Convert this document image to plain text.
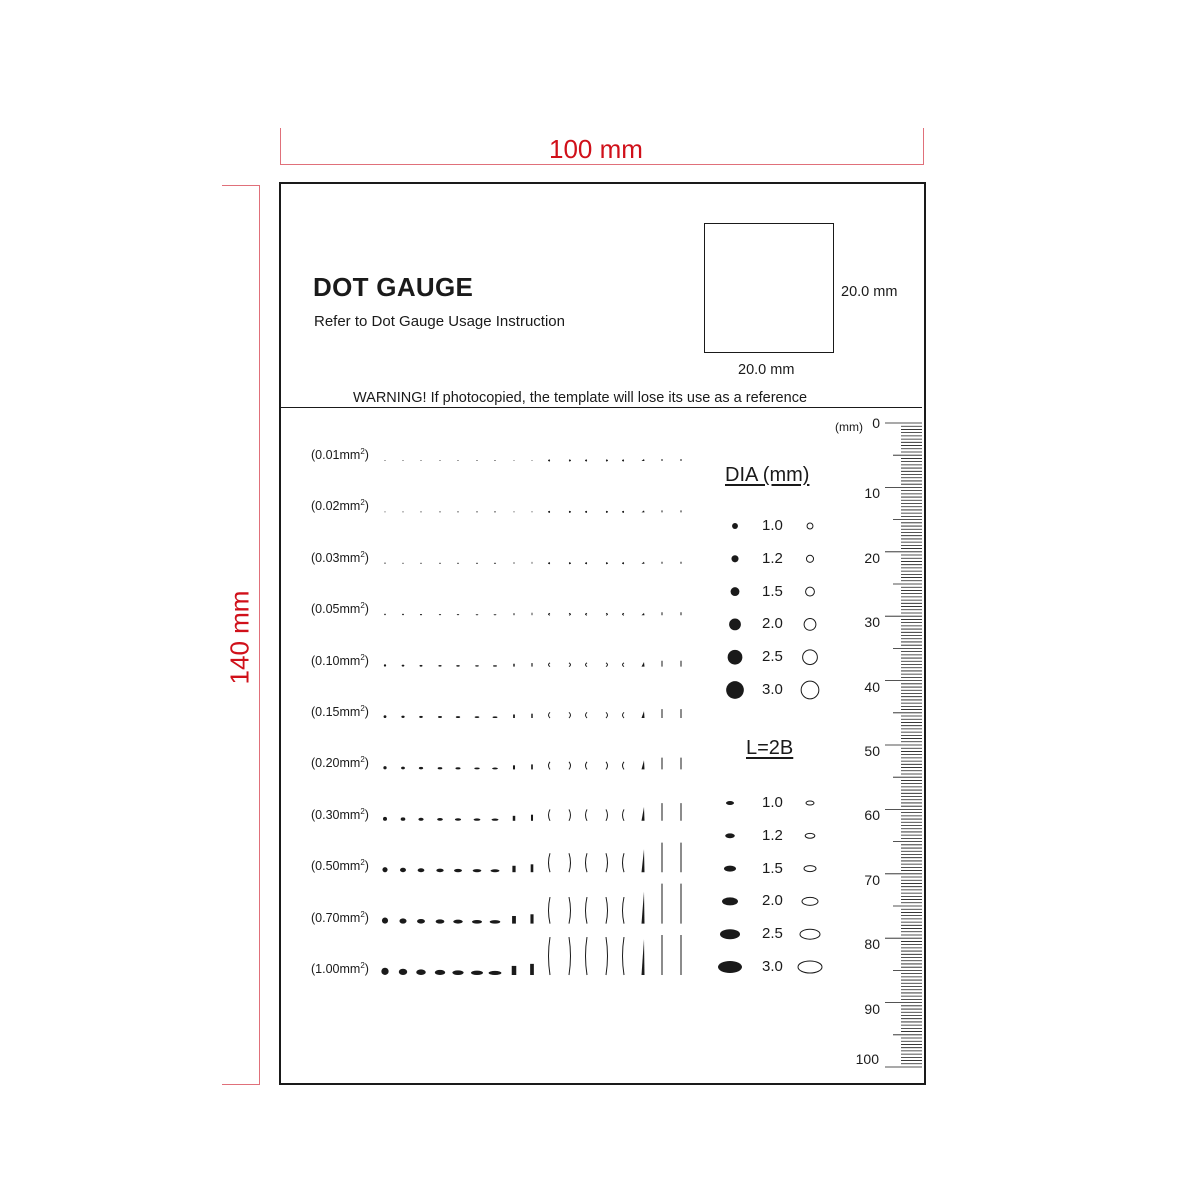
100 mm
140 mm
DOT GAUGE
Refer to Dot Gauge Usage Instruction
20.0 mm
20.0 mm
WARNING! If photocopied, the template will lose its use as a reference
$(0.01mm^2)$
$(0.02mm^2)$
$(0.03mm^2)$
$(0.05mm^2)$
$(0.10mm^2)$
$(0.15mm^2)$
$(0.20mm^2)$
$(0.30mm^2)$
$(0.50mm^2)$
$(0.70mm^2)$
$(1.00mm^2)$
DIA (mm)
L=2B
1.0
1.2
1.5
2.0
2.5
3.0
1.0
1.2
1.5
2.0
2.5
3.0
(mm) 0
10
20
30
40
50
60
70
80
90
100
